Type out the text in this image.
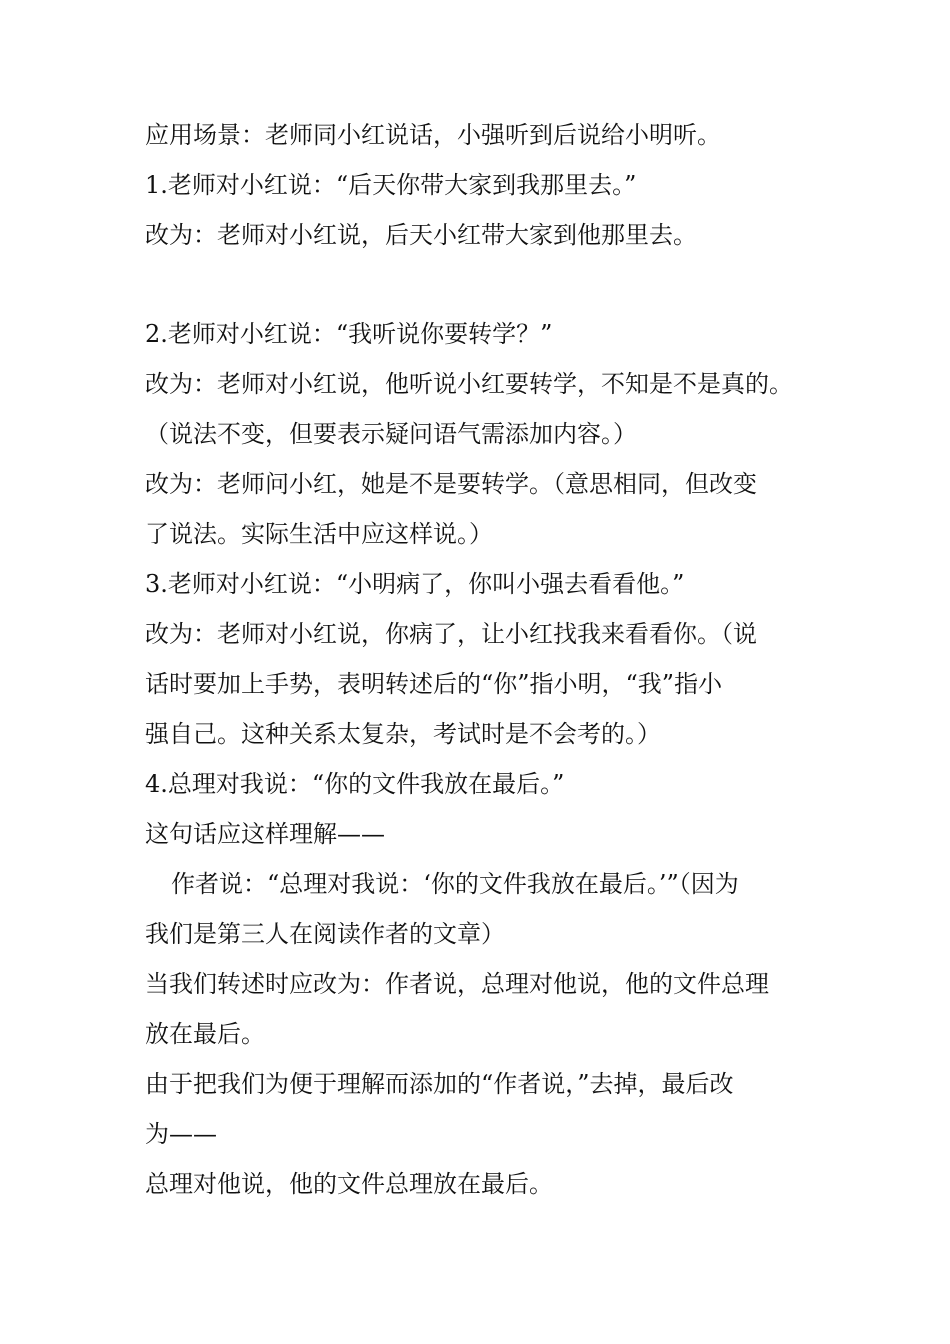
应用场景：老师同小红说话，小强听到后说给小明听。
1.老师对小红说：“后天你带大家到我那里去。”
改为：老师对小红说，后天小红带大家到他那里去。
2.老师对小红说：“我听说你要转学？”
改为：老师对小红说，他听说小红要转学，不知是不是真的。
（说法不变，但要表示疑问语气需添加内容。）
改为：老师问小红，她是不是要转学。（意思相同，但改变
了说法。实际生活中应这样说。）
3.老师对小红说：“小明病了，你叫小强去看看他。”
改为：老师对小红说，你病了，让小红找我来看看你。（说
话时要加上手势，表明转述后的“你”指小明，“我”指小
强自己。这种关系太复杂，考试时是不会考的。）
4.总理对我说：“你的文件我放在最后。”
这句话应这样理解——
作者说：“总理对我说：‘你的文件我放在最后。’”（因为
我们是第三人在阅读作者的文章）
当我们转述时应改为：作者说，总理对他说，他的文件总理
放在最后。
由于把我们为便于理解而添加的“作者说，”去掉，最后改
为——
总理对他说，他的文件总理放在最后。
